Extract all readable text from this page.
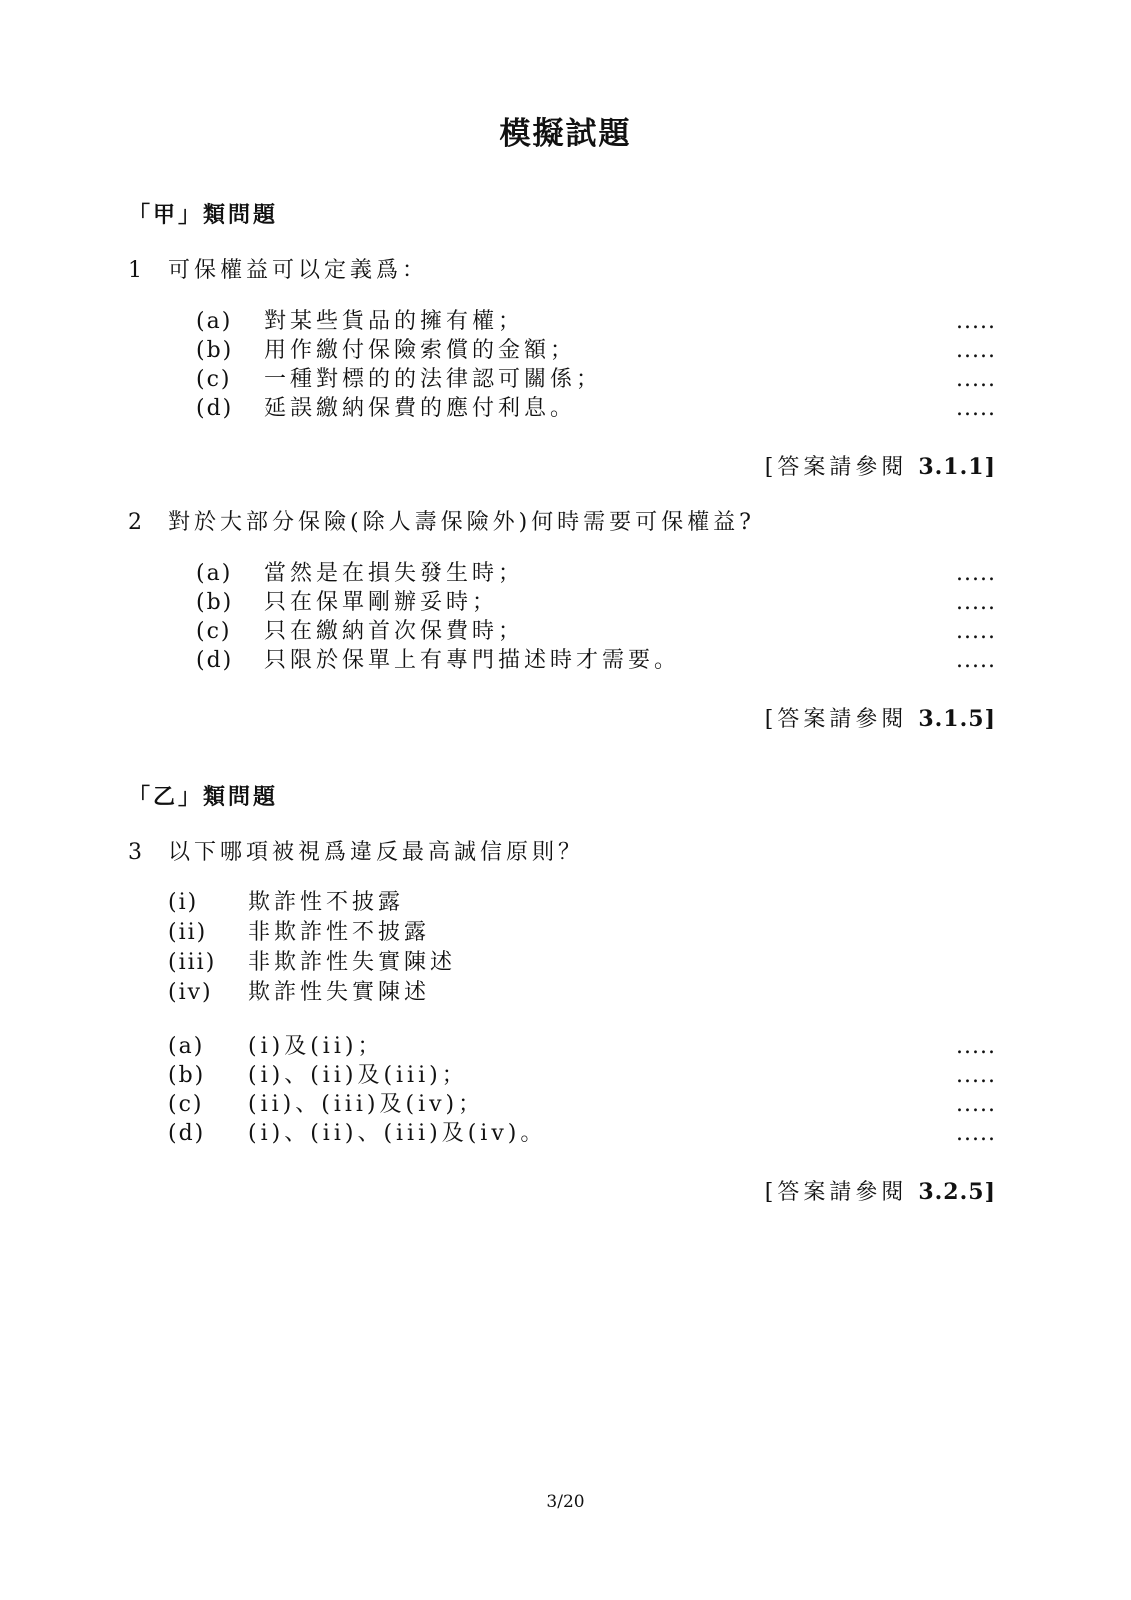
模擬試題
「甲」類問題
1 可保權益可以定義爲：
(a) 對某些貨品的擁有權；	.....
(b) 用作繳付保險索償的金額；	.....
(c) 一種對標的的法律認可關係；	.....
(d) 延誤繳納保費的應付利息。	.....
[答案請參閱 3.1.1]
2 對於大部分保險(除人壽保險外)何時需要可保權益?
(a) 當然是在損失發生時；	.....
(b) 只在保單剛辦妥時；	.....
(c) 只在繳納首次保費時；	.....
(d) 只限於保單上有專門描述時才需要。	.....
[答案請參閱 3.1.5]
「乙」類問題
3 以下哪項被視爲違反最高誠信原則？
(i) 欺詐性不披露
(ii) 非欺詐性不披露
(iii) 非欺詐性失實陳述
(iv) 欺詐性失實陳述
(a) (i)及(ii)；	.....
(b) (i)、(ii)及(iii)；	.....
(c) (ii)、(iii)及(iv)；	.....
(d) (i)、(ii)、(iii)及(iv)。	.....
[答案請參閱 3.2.5]
3/20
